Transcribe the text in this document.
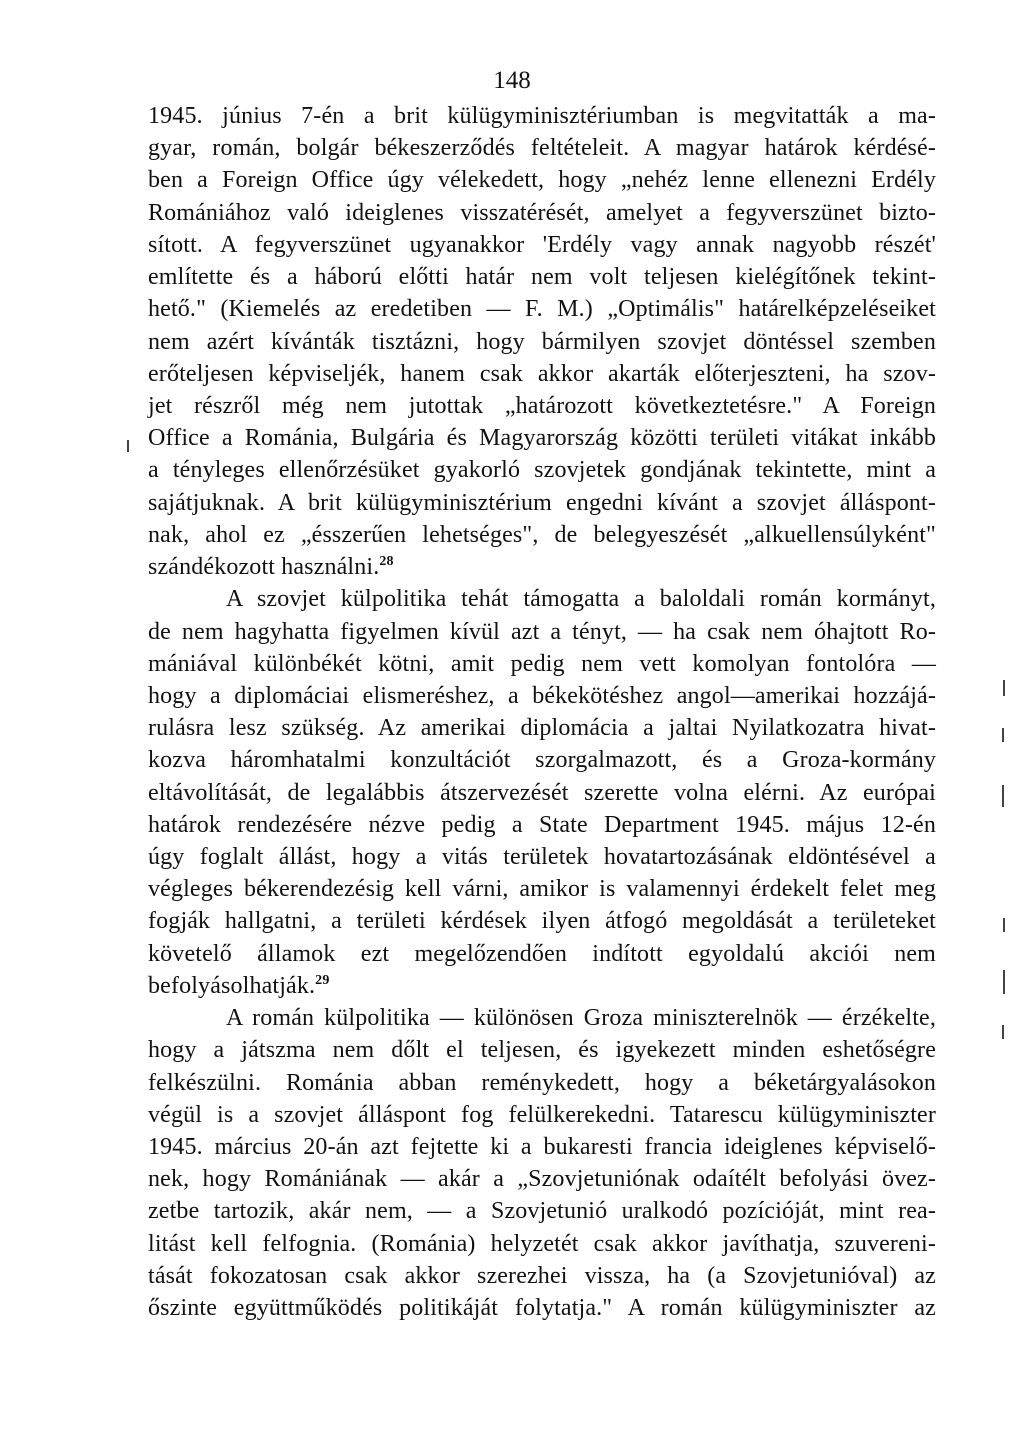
148
1945. június 7-én a brit külügyminisztériumban is megvitatták a ma-
gyar, román, bolgár békeszerződés feltételeit. A magyar határok kérdésé-
ben a Foreign Office úgy vélekedett, hogy „nehéz lenne ellenezni Erdély
Romániához való ideiglenes visszatérését, amelyet a fegyverszünet bizto-
sított. A fegyverszünet ugyanakkor 'Erdély vagy annak nagyobb részét'
említette és a háború előtti határ nem volt teljesen kielégítőnek tekint-
hető." (Kiemelés az eredetiben — F. M.) „Optimális" határelképzeléseiket
nem azért kívánták tisztázni, hogy bármilyen szovjet döntéssel szemben
erőteljesen képviseljék, hanem csak akkor akarták előterjeszteni, ha szov-
jet részről még nem jutottak „határozott következtetésre." A Foreign
Office a Románia, Bulgária és Magyarország közötti területi vitákat inkább
a tényleges ellenőrzésüket gyakorló szovjetek gondjának tekintette, mint a
sajátjuknak. A brit külügyminisztérium engedni kívánt a szovjet álláspont-
nak, ahol ez „ésszerűen lehetséges", de belegyeszését „alkuellensúlyként"
szándékozott használni.$^{28}$
A szovjet külpolitika tehát támogatta a baloldali román kormányt,
de nem hagyhatta figyelmen kívül azt a tényt, — ha csak nem óhajtott Ro-
mániával különbékét kötni, amit pedig nem vett komolyan fontolóra —
hogy a diplomáciai elismeréshez, a békekötéshez angol—amerikai hozzájá-
rulásra lesz szükség. Az amerikai diplomácia a jaltai Nyilatkozatra hivat-
kozva háromhatalmi konzultációt szorgalmazott, és a Groza-kormány
eltávolítását, de legalábbis átszervezését szerette volna elérni. Az európai
határok rendezésére nézve pedig a State Department 1945. május 12-én
úgy foglalt állást, hogy a vitás területek hovatartozásának eldöntésével a
végleges békerendezésig kell várni, amikor is valamennyi érdekelt felet meg
fogják hallgatni, a területi kérdések ilyen átfogó megoldását a területeket
követelő államok ezt megelőzendően indított egyoldalú akciói nem
befolyásolhatják.$^{29}$
A román külpolitika — különösen Groza miniszterelnök — érzékelte,
hogy a játszma nem dőlt el teljesen, és igyekezett minden eshetőségre
felkészülni. Románia abban reménykedett, hogy a béketárgyalásokon
végül is a szovjet álláspont fog felülkerekedni. Tatarescu külügyminiszter
1945. március 20-án azt fejtette ki a bukaresti francia ideiglenes képviselő-
nek, hogy Romániának — akár a „Szovjetuniónak odaítélt befolyási övez-
zetbe tartozik, akár nem, — a Szovjetunió uralkodó pozícióját, mint rea-
litást kell felfognia. (Románia) helyzetét csak akkor javíthatja, szuvereni-
tását fokozatosan csak akkor szerezhei vissza, ha (a Szovjetunióval) az
őszinte együttműködés politikáját folytatja." A román külügyminiszter az
